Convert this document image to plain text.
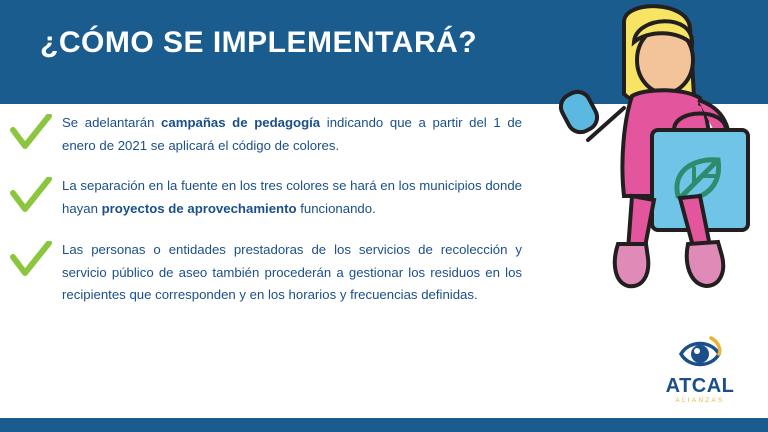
¿CÓMO SE IMPLEMENTARÁ?
Se adelantarán campañas de pedagogía indicando que a partir del 1 de enero de 2021 se aplicará el código de colores.
La separación en la fuente en los tres colores se hará en los municipios donde hayan proyectos de aprovechamiento funcionando.
Las personas o entidades prestadoras de los servicios de recolección y servicio público de aseo también procederán a gestionar los residuos en los recipientes que corresponden y en los horarios y frecuencias definidas.
ATCAL
ALIANZAS
